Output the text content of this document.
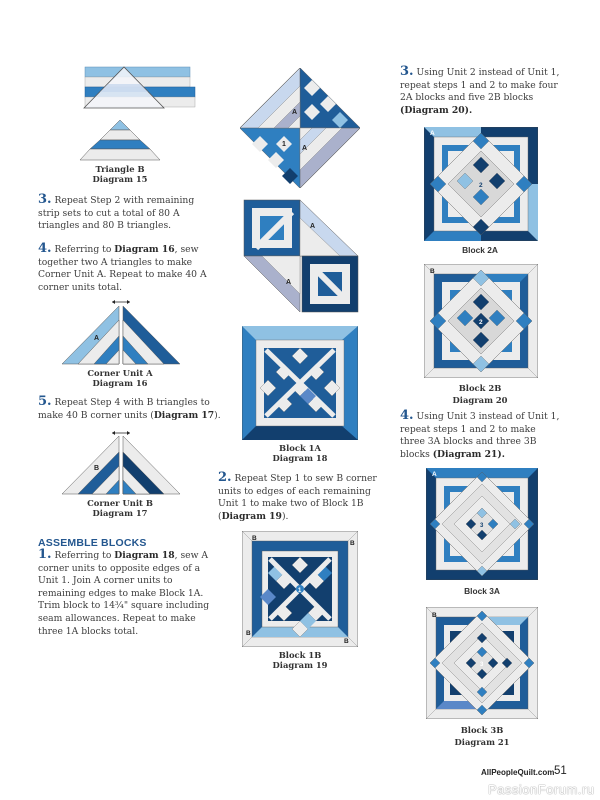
Triangle B
Diagram 15
3. Repeat Step 2 with remaining strip sets to cut a total of 80 A triangles and 80 B triangles.
4. Referring to Diagram 16, sew together two A triangles to make Corner Unit A. Repeat to make 40 A corner units total.
A
Corner Unit A
Diagram 16
5. Repeat Step 4 with B triangles to make 40 B corner units (Diagram 17).
B
Corner Unit B
Diagram 17
ASSEMBLE BLOCKS
1. Referring to Diagram 18, sew A corner units to opposite edges of a Unit 1. Join A corner units to remaining edges to make Block 1A. Trim block to 14¾" square including seam allowances. Repeat to make three 1A blocks total.
A
1
A
A
A
Block 1A
Diagram 18
2. Repeat Step 1 to sew B corner units to edges of each remaining Unit 1 to make two of Block 1B (Diagram 19).
1
B
B
B
B
Block 1B
Diagram 19
3. Using Unit 2 instead of Unit 1, repeat steps 1 and 2 to make four 2A blocks and five 2B blocks (Diagram 20).
A
2
Block 2A
B
2
Block 2B
Diagram 20
4. Using Unit 3 instead of Unit 1, repeat steps 1 and 2 to make three 3A blocks and three 3B blocks (Diagram 21).
A
3
Block 3A
B
3
Block 3B
Diagram 21
AllPeopleQuilt.com 51
PassionForum.ru
